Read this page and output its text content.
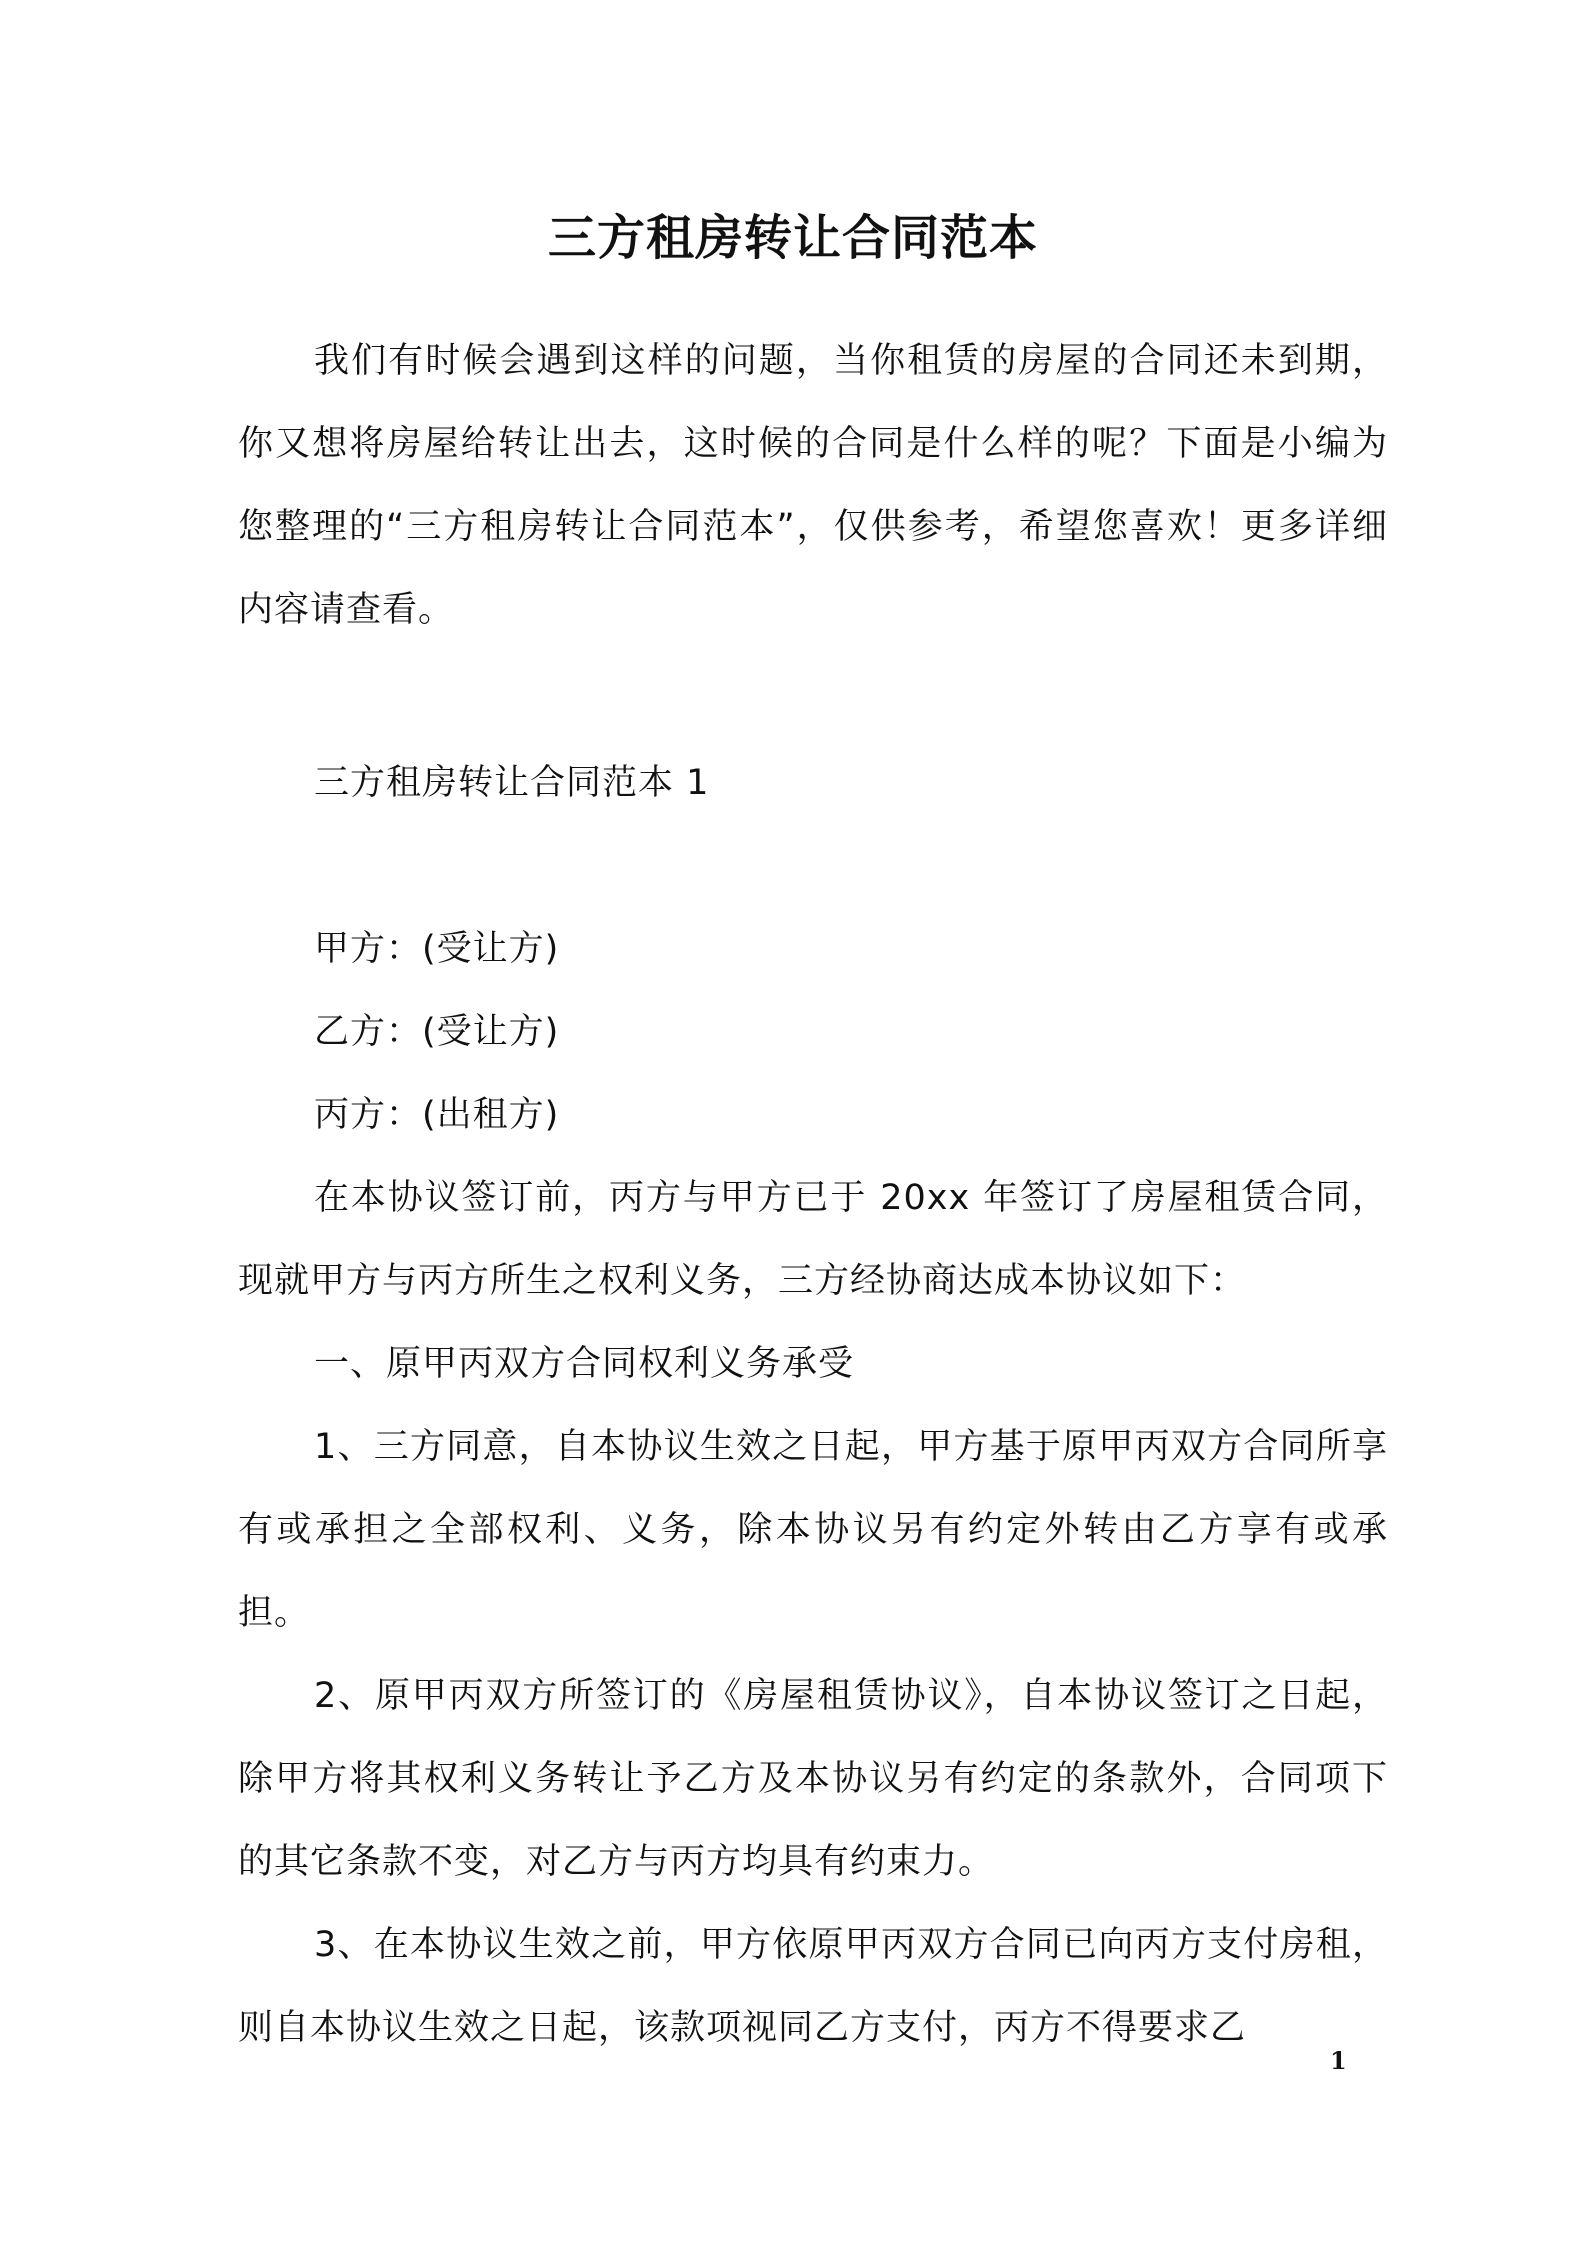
三方租房转让合同范本

我们有时候会遇到这样的问题，当你租赁的房屋的合同还未到期，你又想将房屋给转让出去，这时候的合同是什么样的呢？下面是小编为您整理的“三方租房转让合同范本”，仅供参考，希望您喜欢！更多详细内容请查看。

三方租房转让合同范本 1

甲方：(受让方)

乙方：(受让方)

丙方：(出租方)

在本协议签订前，丙方与甲方已于 20xx 年签订了房屋租赁合同，现就甲方与丙方所生之权利义务，三方经协商达成本协议如下：

一、原甲丙双方合同权利义务承受

1、三方同意，自本协议生效之日起，甲方基于原甲丙双方合同所享有或承担之全部权利、义务，除本协议另有约定外转由乙方享有或承担。

2、原甲丙双方所签订的《房屋租赁协议》，自本协议签订之日起，除甲方将其权利义务转让予乙方及本协议另有约定的条款外，合同项下的其它条款不变，对乙方与丙方均具有约束力。

3、在本协议生效之前，甲方依原甲丙双方合同已向丙方支付房租，则自本协议生效之日起，该款项视同乙方支付，丙方不得要求乙

1
